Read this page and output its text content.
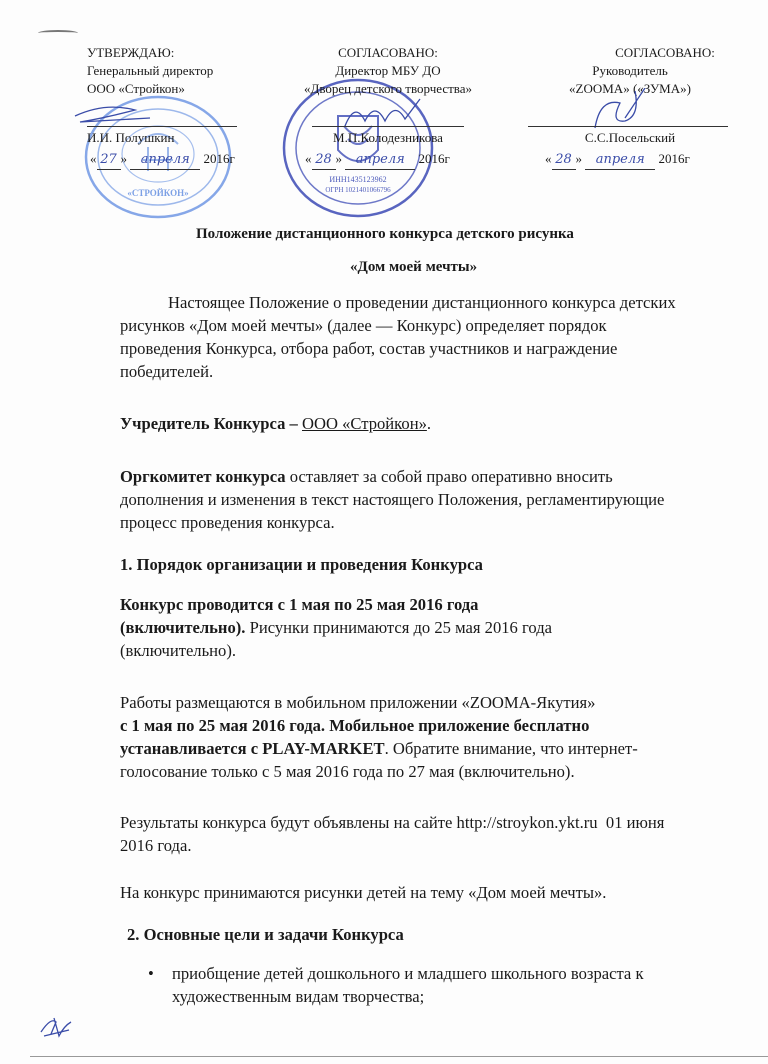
«СТРОЙКОН»
ИНН1435123962
ОГРН 1021401066796
УТВЕРЖДАЮ:
Генеральный директор
ООО «Стройкон»
И.И. Полушкин
« 27 » апреля 2016г
СОГЛАСОВАНО:
Директор МБУ ДО
«Дворец детского творчества»
М.П.Колодезникова
« 28 » апреля 2016г
СОГЛАСОВАНО:
Руководитель
«ZOOMA» («ЗУМА»)
С.С.Посельский
« 28 » апреля 2016г
Положение дистанционного конкурса детского рисунка
«Дом моей мечты»
Настоящее Положение о проведении дистанционного конкурса детских
рисунков «Дом моей мечты» (далее — Конкурс) определяет порядок
проведения Конкурса, отбора работ, состав участников и награждение
победителей.
Учредитель Конкурса – ООО «Стройкон».
Оргкомитет конкурса оставляет за собой право оперативно вносить
дополнения и изменения в текст настоящего Положения, регламентирующие
процесс проведения конкурса.
1. Порядок организации и проведения Конкурса
Конкурс проводится с 1 мая по 25 мая 2016 года
(включительно). Рисунки принимаются до 25 мая 2016 года
(включительно).
Работы размещаются в мобильном приложении «ZOOMA-Якутия»
с 1 мая по 25 мая 2016 года. Мобильное приложение бесплатно
устанавливается с PLAY-MARKET. Обратите внимание, что интернет-
голосование только с 5 мая 2016 года по 27 мая (включительно).
Результаты конкурса будут объявлены на сайте http://stroykon.ykt.ru  01 июня
2016 года.
На конкурс принимаются рисунки детей на тему «Дом моей мечты».
2. Основные цели и задачи Конкурса
• приобщение детей дошкольного и младшего школьного возраста к
художественным видам творчества;
